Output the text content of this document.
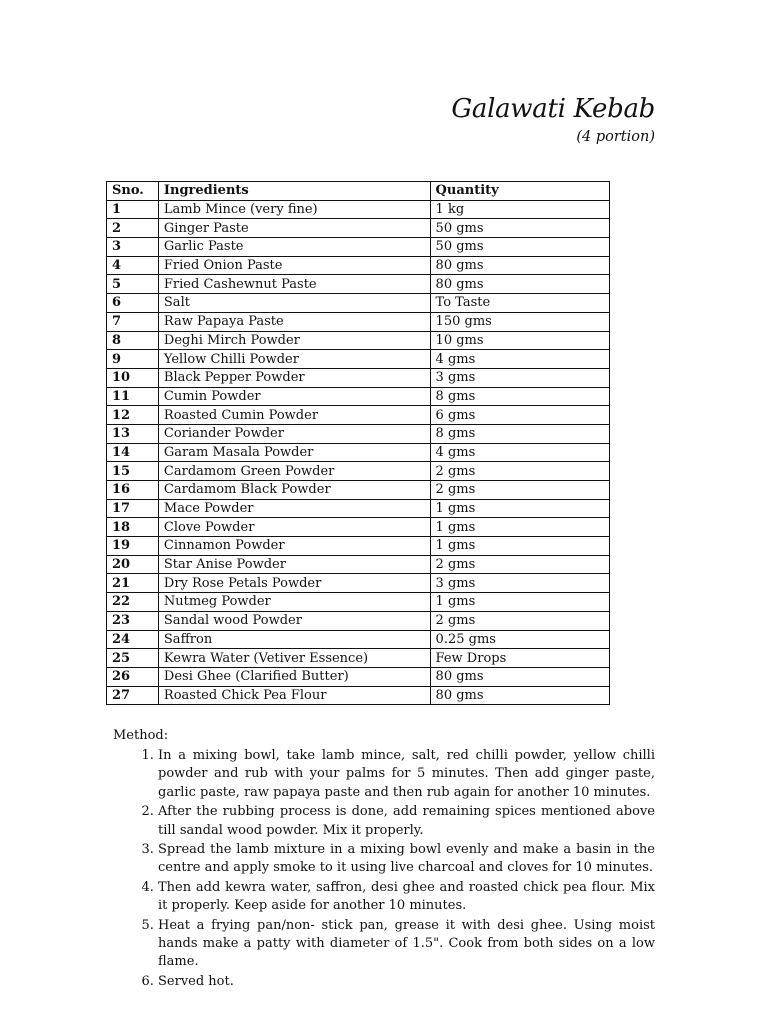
Galawati Kebab
(4 portion)
Sno.	Ingredients	Quantity
1	Lamb Mince (very fine)	1 kg
2	Ginger Paste	50 gms
3	Garlic Paste	50 gms
4	Fried Onion Paste	80 gms
5	Fried Cashewnut Paste	80 gms
6	Salt	To Taste
7	Raw Papaya Paste	150 gms
8	Deghi Mirch Powder	10 gms
9	Yellow Chilli Powder	4 gms
10	Black Pepper Powder	3 gms
11	Cumin Powder	8 gms
12	Roasted Cumin Powder	6 gms
13	Coriander Powder	8 gms
14	Garam Masala Powder	4 gms
15	Cardamom Green Powder	2 gms
16	Cardamom Black Powder	2 gms
17	Mace Powder	1 gms
18	Clove Powder	1 gms
19	Cinnamon Powder	1 gms
20	Star Anise Powder	2 gms
21	Dry Rose Petals Powder	3 gms
22	Nutmeg Powder	1 gms
23	Sandal wood Powder	2 gms
24	Saffron	0.25 gms
25	Kewra Water (Vetiver Essence)	Few Drops
26	Desi Ghee (Clarified Butter)	80 gms
27	Roasted Chick Pea Flour	80 gms
Method:
1. In a mixing bowl, take lamb mince, salt, red chilli powder, yellow chilli powder and rub with your palms for 5 minutes. Then add ginger paste, garlic paste, raw papaya paste and then rub again for another 10 minutes.
2. After the rubbing process is done, add remaining spices mentioned above till sandal wood powder. Mix it properly.
3. Spread the lamb mixture in a mixing bowl evenly and make a basin in the centre and apply smoke to it using live charcoal and cloves for 10 minutes.
4. Then add kewra water, saffron, desi ghee and roasted chick pea flour. Mix it properly. Keep aside for another 10 minutes.
5. Heat a frying pan/non- stick pan, grease it with desi ghee. Using moist hands make a patty with diameter of 1.5". Cook from both sides on a low flame.
6. Served hot.
